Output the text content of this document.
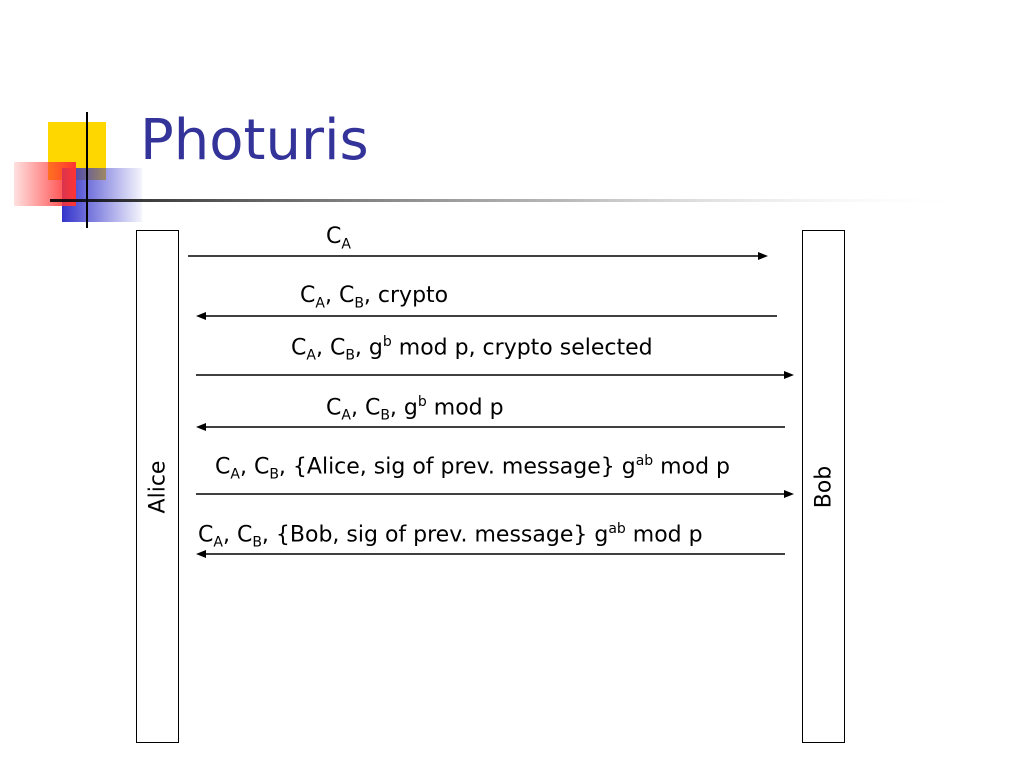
Photuris
Alice	Bob
$C_A$
$C_A$, $C_B$, crypto
$C_A$, $C_B$, $g^b$ mod p, crypto selected
$C_A$, $C_B$, $g^b$ mod p
$C_A$, $C_B$, {Alice, sig of prev. message} $g^{ab}$ mod p
$C_A$, $C_B$, {Bob, sig of prev. message} $g^{ab}$ mod p
